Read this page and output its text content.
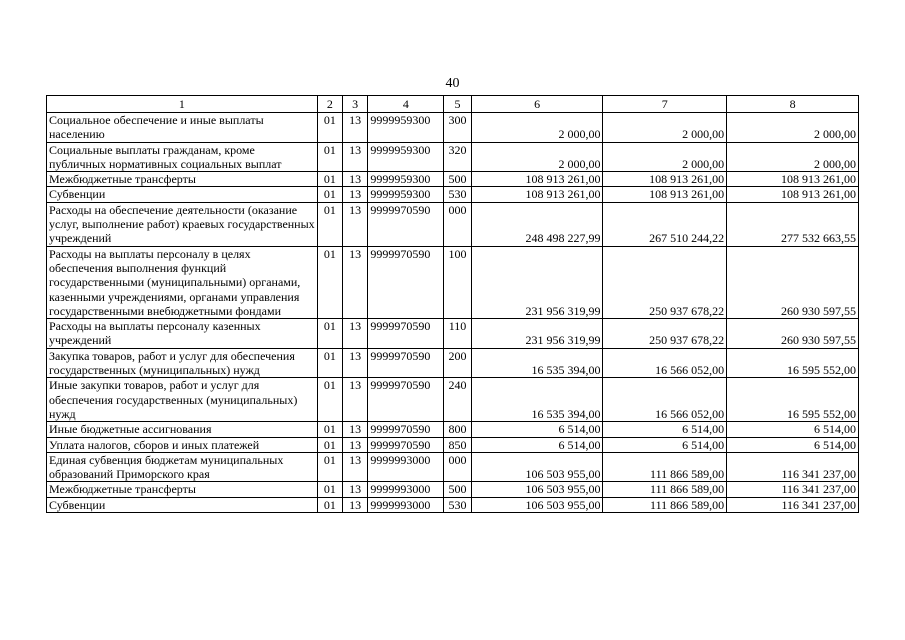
40
1	2	3	4	5	6	7	8
Социальное обеспечение и иные выплаты населению	01	13	9999959300	300	2 000,00	2 000,00	2 000,00
Социальные выплаты гражданам, кроме публичных нормативных социальных выплат	01	13	9999959300	320	2 000,00	2 000,00	2 000,00
Межбюджетные трансферты	01	13	9999959300	500	108 913 261,00	108 913 261,00	108 913 261,00
Субвенции	01	13	9999959300	530	108 913 261,00	108 913 261,00	108 913 261,00
Расходы на обеспечение деятельности (оказание услуг, выполнение работ) краевых государственных учреждений	01	13	9999970590	000	248 498 227,99	267 510 244,22	277 532 663,55
Расходы на выплаты персоналу в целях обеспечения выполнения функций государственными (муниципальными) органами, казенными учреждениями, органами управления государственными внебюджетными фондами	01	13	9999970590	100	231 956 319,99	250 937 678,22	260 930 597,55
Расходы на выплаты персоналу казенных учреждений	01	13	9999970590	110	231 956 319,99	250 937 678,22	260 930 597,55
Закупка товаров, работ и услуг для обеспечения государственных (муниципальных) нужд	01	13	9999970590	200	16 535 394,00	16 566 052,00	16 595 552,00
Иные закупки товаров, работ и услуг для обеспечения государственных (муниципальных) нужд	01	13	9999970590	240	16 535 394,00	16 566 052,00	16 595 552,00
Иные бюджетные ассигнования	01	13	9999970590	800	6 514,00	6 514,00	6 514,00
Уплата налогов, сборов и иных платежей	01	13	9999970590	850	6 514,00	6 514,00	6 514,00
Единая субвенция бюджетам муниципальных образований Приморского края	01	13	9999993000	000	106 503 955,00	111 866 589,00	116 341 237,00
Межбюджетные трансферты	01	13	9999993000	500	106 503 955,00	111 866 589,00	116 341 237,00
Субвенции	01	13	9999993000	530	106 503 955,00	111 866 589,00	116 341 237,00
